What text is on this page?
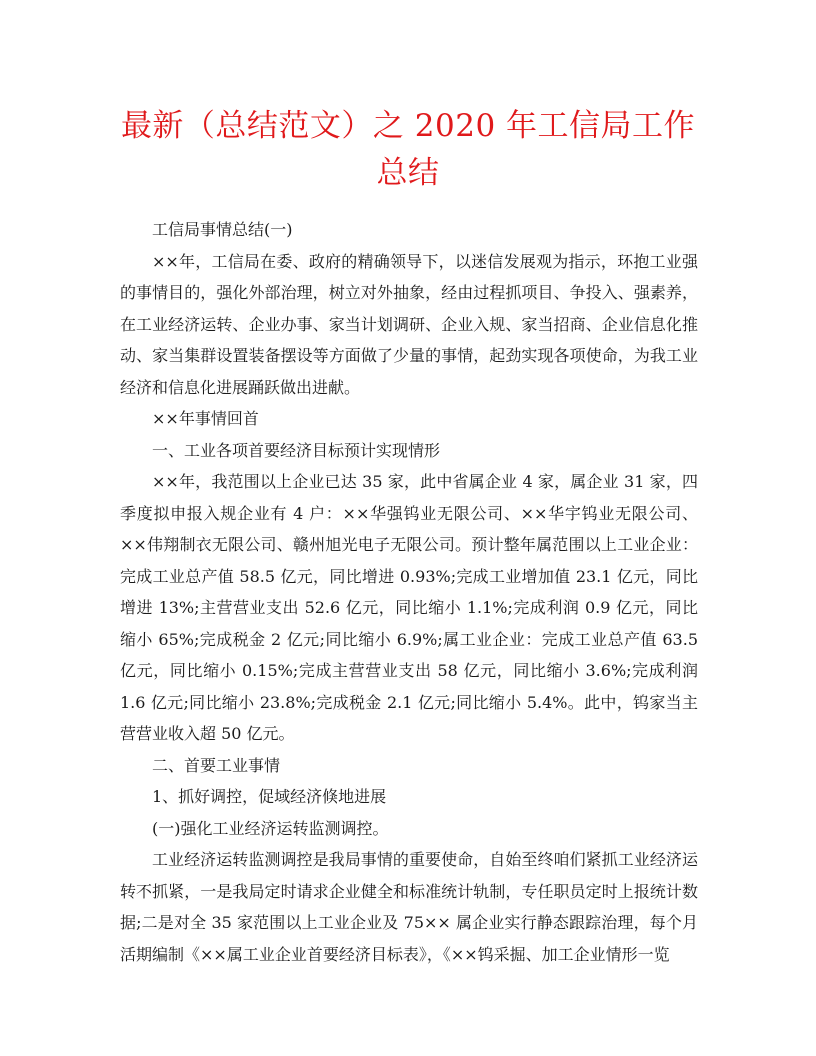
最新（总结范文）之 2020 年工信局工作
总结

工信局事情总结(一)

××年，工信局在委、政府的精确领导下，以迷信发展观为指示，环抱工业强的事情目的，强化外部治理，树立对外抽象，经由过程抓项目、争投入、强素养，在工业经济运转、企业办事、家当计划调研、企业入规、家当招商、企业信息化推动、家当集群设置装备摆设等方面做了少量的事情，起劲实现各项使命，为我工业经济和信息化进展踊跃做出进献。

××年事情回首

一、工业各项首要经济目标预计实现情形

××年，我范围以上企业已达 35 家，此中省属企业 4 家，属企业 31 家，四季度拟申报入规企业有 4 户：××华强钨业无限公司、××华宇钨业无限公司、××伟翔制衣无限公司、赣州旭光电子无限公司。预计整年属范围以上工业企业：完成工业总产值 58.5 亿元，同比增进 0.93%;完成工业增加值 23.1 亿元，同比增进 13%;主营营业支出 52.6 亿元，同比缩小 1.1%;完成利润 0.9 亿元，同比缩小 65%;完成税金 2 亿元;同比缩小 6.9%;属工业企业：完成工业总产值 63.5 亿元，同比缩小 0.15%;完成主营营业支出 58 亿元，同比缩小 3.6%;完成利润 1.6 亿元;同比缩小 23.8%;完成税金 2.1 亿元;同比缩小 5.4%。此中，钨家当主营营业收入超 50 亿元。

二、首要工业事情

1、抓好调控，促域经济倏地进展

(一)强化工业经济运转监测调控。

工业经济运转监测调控是我局事情的重要使命，自始至终咱们紧抓工业经济运转不抓紧，一是我局定时请求企业健全和标准统计轨制，专任职员定时上报统计数据;二是对全 35 家范围以上工业企业及 75×× 属企业实行静态跟踪治理，每个月活期编制《××属工业企业首要经济目标表》，《××钨采掘、加工企业情形一览
